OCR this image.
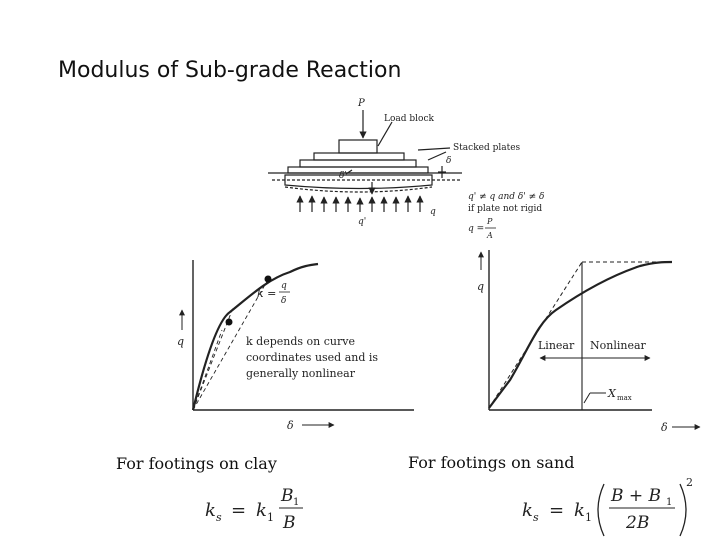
Modulus of Sub-grade Reaction
P
Load block
Stacked plates
δ
δ'
q
q'
q' ≠ q and δ' ≠ δ
if plate not rigid
q =
P
A
q
δ
k =
q
δ
k depends on curve
coordinates used and is
generally nonlinear
q
δ
Linear Nonlinear
X max
k s = k 1
B 1
B
k s = k 1
B + B 1
2B
2
For footings on clay	For footings on sand
